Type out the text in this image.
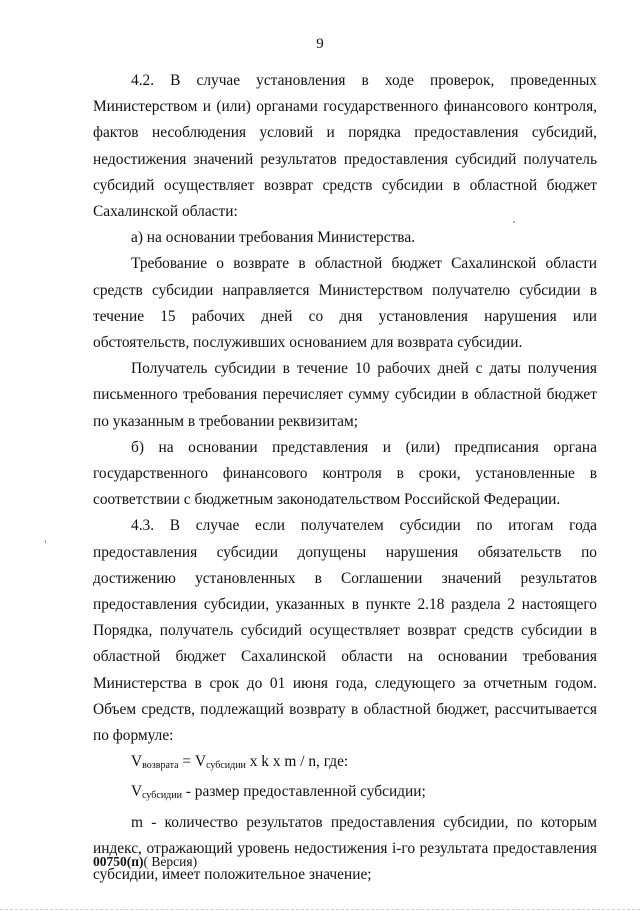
9

4.2. В случае установления в ходе проверок, проведенных Министерством и (или) органами государственного финансового контроля, фактов несоблюдения условий и порядка предоставления субсидий, недостижения значений результатов предоставления субсидий получатель субсидий осуществляет возврат средств субсидии в областной бюджет Сахалинской области:

а) на основании требования Министерства.

Требование о возврате в областной бюджет Сахалинской области средств субсидии направляется Министерством получателю субсидии в течение 15 рабочих дней со дня установления нарушения или обстоятельств, послуживших основанием для возврата субсидии.

Получатель субсидии в течение 10 рабочих дней с даты получения письменного требования перечисляет сумму субсидии в областной бюджет по указанным в требовании реквизитам;

б) на основании представления и (или) предписания органа государственного финансового контроля в сроки, установленные в соответствии с бюджетным законодательством Российской Федерации.

4.3. В случае если получателем субсидии по итогам года предоставления субсидии допущены нарушения обязательств по достижению установленных в Соглашении значений результатов предоставления субсидии, указанных в пункте 2.18 раздела 2 настоящего Порядка, получатель субсидий осуществляет возврат средств субсидии в областной бюджет Сахалинской области на основании требования Министерства в срок до 01 июня года, следующего за отчетным годом. Объем средств, подлежащий возврату в областной бюджет, рассчитывается по формуле:

$V_{возврата} = V_{субсидии}$ x k x m / n, где:

$V_{субсидии}$ - размер предоставленной субсидии;

m - количество результатов предоставления субсидии, по которым индекс, отражающий уровень недостижения i-го результата предоставления субсидии, имеет положительное значение;

00750(п)( Версия)
